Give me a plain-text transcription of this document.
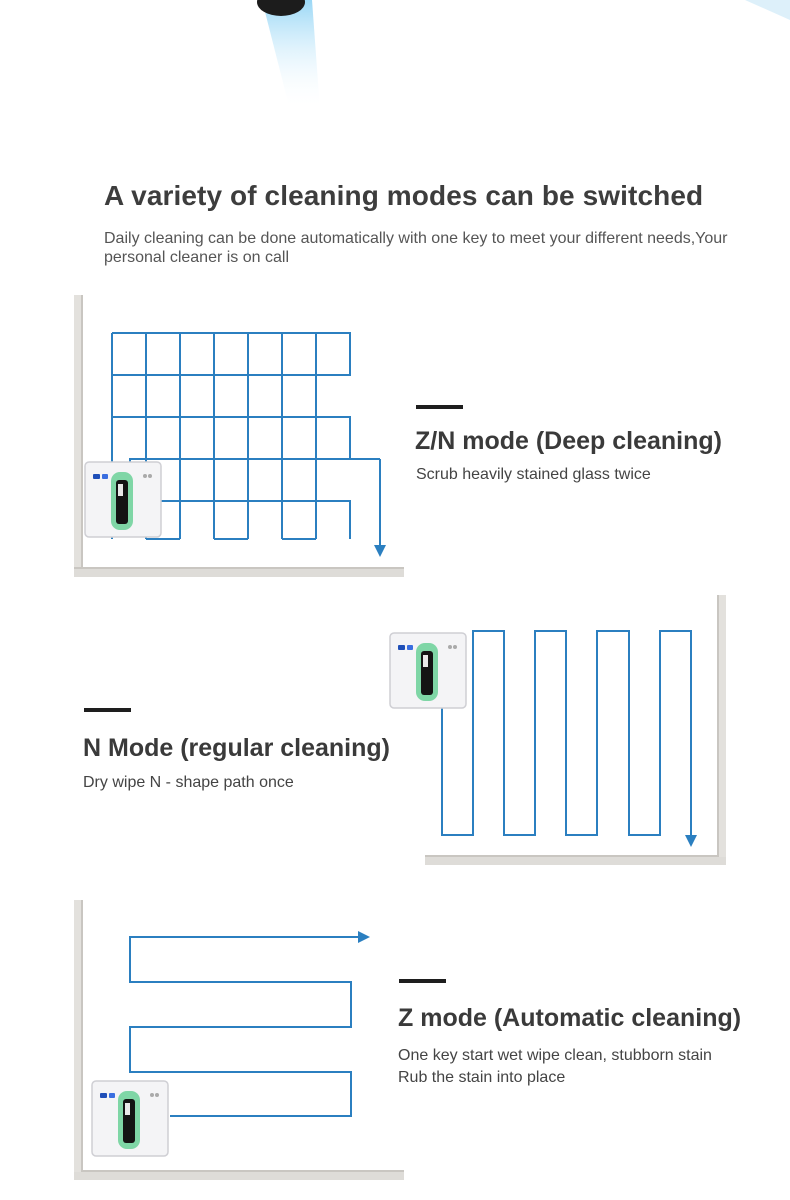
A variety of cleaning modes can be switched

Daily cleaning can be done automatically with one key to meet your different needs,Your personal cleaner is on call

Z/N mode (Deep cleaning)

Scrub heavily stained glass twice

N Mode (regular cleaning)

Dry wipe N - shape path once

Z mode (Automatic cleaning)

One key start wet wipe clean, stubborn stain

Rub the stain into place
